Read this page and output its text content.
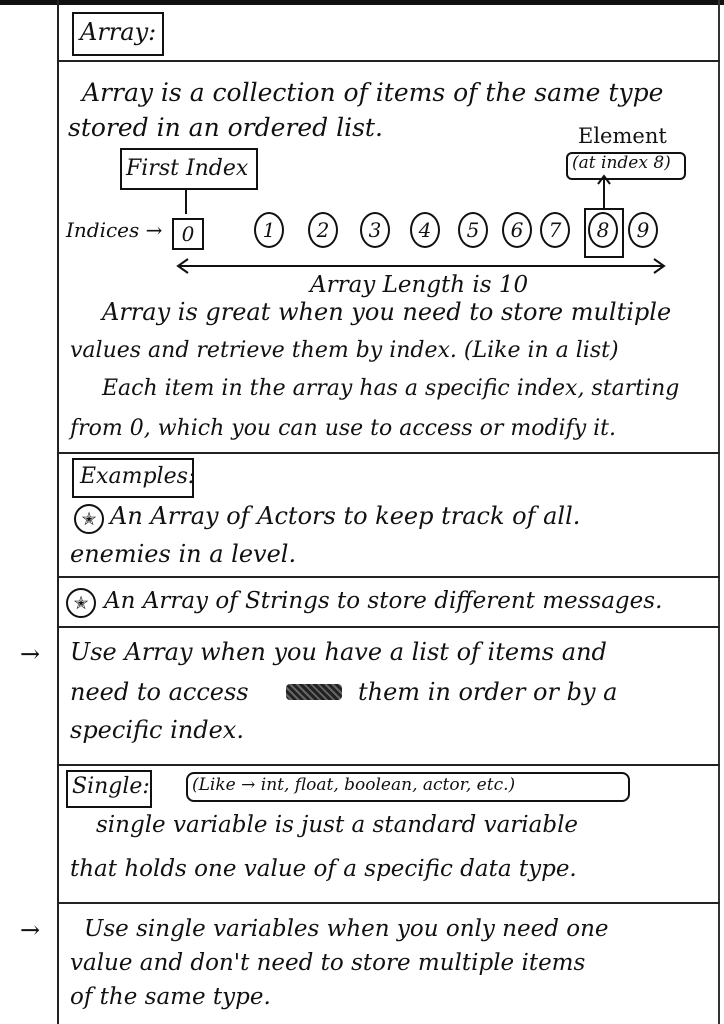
Array:
Array is a collection of items of the same type
stored in an ordered list.	Element
(at index 8)
First Index
Indices → 0	1	2	3	4	5	6	7	8	9
Array Length is 10
Array is great when you need to store multiple
values and retrieve them by index. (Like in a list)
Each item in the array has a specific index, starting
from 0, which you can use to access or modify it.
Examples:
✭ An Array of Actors to keep track of all.
enemies in a level.
✭ An Array of Strings to store different messages.
→ Use Array when you have a list of items and
need to access	them in order or by a
specific index.
Single: (Like → int, float, boolean, actor, etc.)
single variable is just a standard variable
that holds one value of a specific data type.
→ Use single variables when you only need one
value and don't need to store multiple items
of the same type.
